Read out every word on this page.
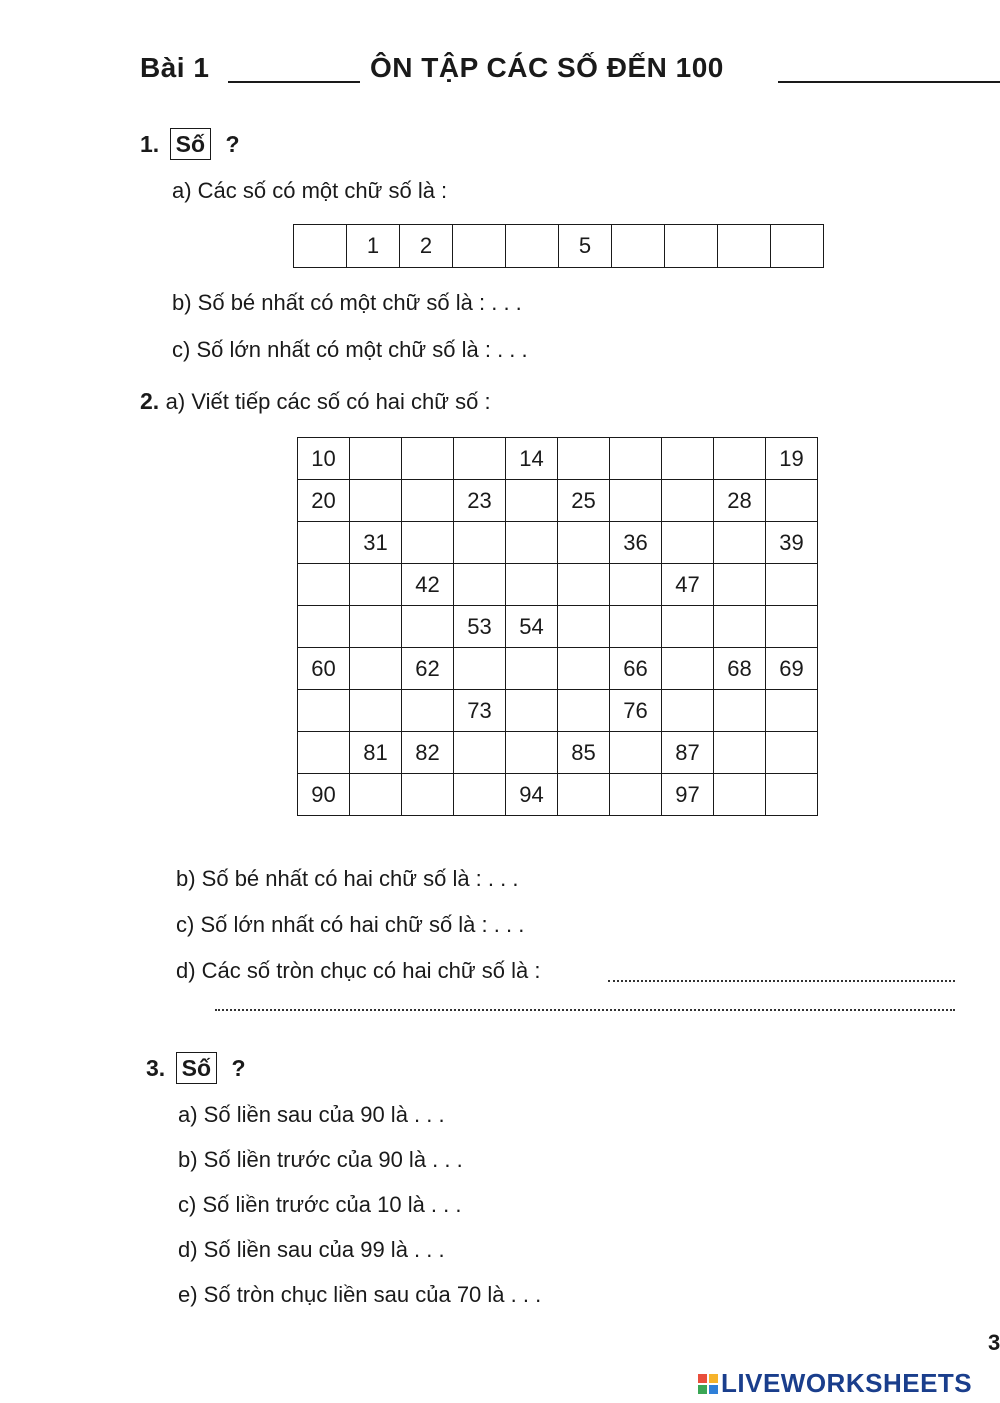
Bài 1	ÔN TẬP CÁC SỐ ĐẾN 100
1. Số ?
a) Các số có một chữ số là :
	1	2			5				
b) Số bé nhất có một chữ số là : . . .
c) Số lớn nhất có một chữ số là : . . .
2. a) Viết tiếp các số có hai chữ số :
10				14					19
20			23		25			28	
	31					36			39
		42					47		
			53	54					
60		62				66		68	69
			73			76			
	81	82			85		87		
90				94			97		
b) Số bé nhất có hai chữ số là : . . .
c) Số lớn nhất có hai chữ số là : . . .
d) Các số tròn chục có hai chữ số là :
3. Số ?
a) Số liền sau của 90 là . . .
b) Số liền trước của 90 là . . .
c) Số liền trước của 10 là . . .
d) Số liền sau của 99 là . . .
e) Số tròn chục liền sau của 70 là . . .
3
LIVEWORKSHEETS
